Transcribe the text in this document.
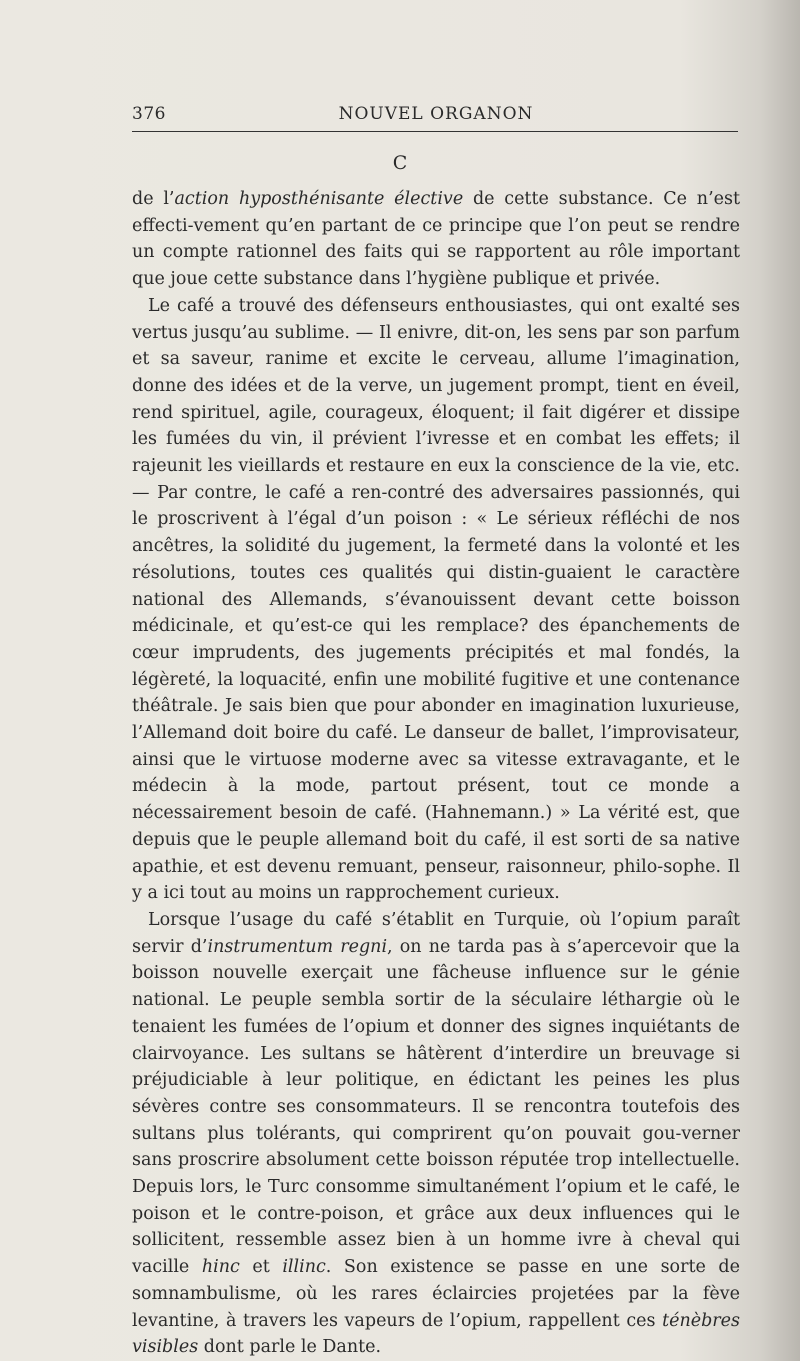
376	NOUVEL ORGANON
C

de l’action hyposthénisante élective de cette substance. Ce n’est effecti-vement qu’en partant de ce principe que l’on peut se rendre un compte rationnel des faits qui se rapportent au rôle important que joue cette substance dans l’hygiène publique et privée.

Le café a trouvé des défenseurs enthousiastes, qui ont exalté ses vertus jusqu’au sublime. — Il enivre, dit-on, les sens par son parfum et sa saveur, ranime et excite le cerveau, allume l’imagination, donne des idées et de la verve, un jugement prompt, tient en éveil, rend spirituel, agile, courageux, éloquent; il fait digérer et dissipe les fumées du vin, il prévient l’ivresse et en combat les effets; il rajeunit les vieillards et restaure en eux la conscience de la vie, etc. — Par contre, le café a ren-contré des adversaires passionnés, qui le proscrivent à l’égal d’un poison : « Le sérieux réfléchi de nos ancêtres, la solidité du jugement, la fermeté dans la volonté et les résolutions, toutes ces qualités qui distin-guaient le caractère national des Allemands, s’évanouissent devant cette boisson médicinale, et qu’est-ce qui les remplace? des épanchements de cœur imprudents, des jugements précipités et mal fondés, la légèreté, la loquacité, enfin une mobilité fugitive et une contenance théâtrale. Je sais bien que pour abonder en imagination luxurieuse, l’Allemand doit boire du café. Le danseur de ballet, l’improvisateur, ainsi que le virtuose moderne avec sa vitesse extravagante, et le médecin à la mode, partout présent, tout ce monde a nécessairement besoin de café. (Hahnemann.) » La vérité est, que depuis que le peuple allemand boit du café, il est sorti de sa native apathie, et est devenu remuant, penseur, raisonneur, philo-sophe. Il y a ici tout au moins un rapprochement curieux.

Lorsque l’usage du café s’établit en Turquie, où l’opium paraît servir d’instrumentum regni, on ne tarda pas à s’apercevoir que la boisson nouvelle exerçait une fâcheuse influence sur le génie national. Le peuple sembla sortir de la séculaire léthargie où le tenaient les fumées de l’opium et donner des signes inquiétants de clairvoyance. Les sultans se hâtèrent d’interdire un breuvage si préjudiciable à leur politique, en édictant les peines les plus sévères contre ses consommateurs. Il se rencontra toutefois des sultans plus tolérants, qui comprirent qu’on pouvait gou-verner sans proscrire absolument cette boisson réputée trop intellectuelle. Depuis lors, le Turc consomme simultanément l’opium et le café, le poison et le contre-poison, et grâce aux deux influences qui le sollicitent, ressemble assez bien à un homme ivre à cheval qui vacille hinc et illinc. Son existence se passe en une sorte de somnambulisme, où les rares éclaircies projetées par la fève levantine, à travers les vapeurs de l’opium, rappellent ces ténèbres visibles dont parle le Dante.
